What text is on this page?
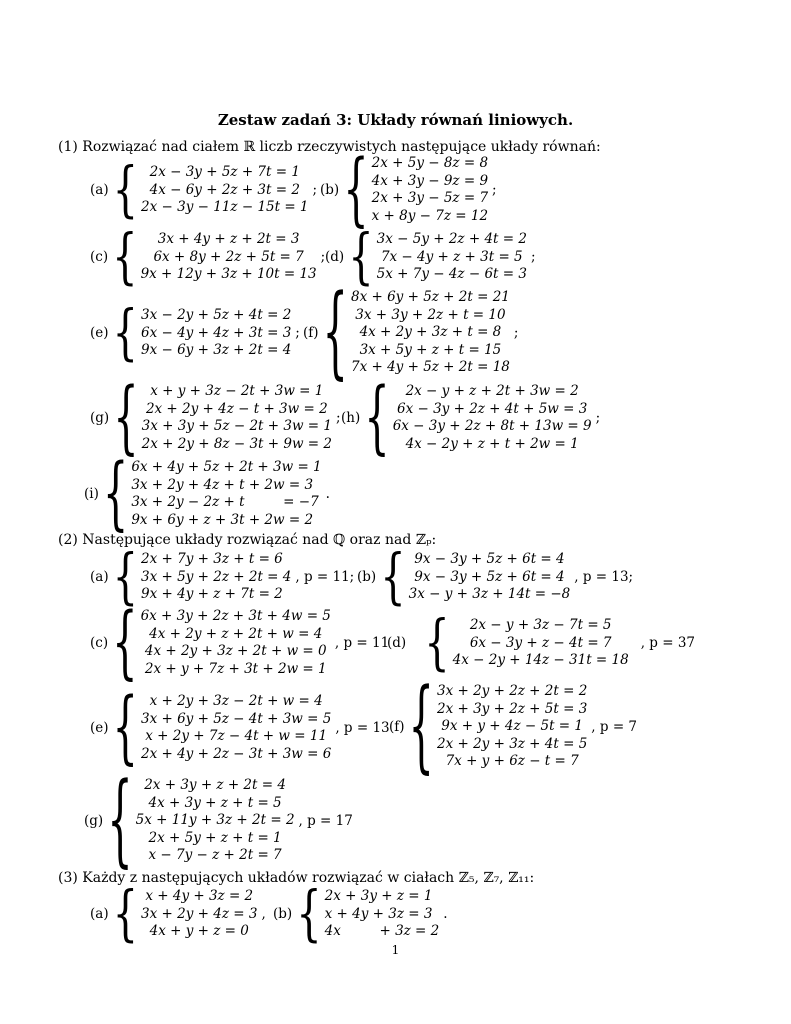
Zestaw zadań 3: Układy równań liniowych.
(1) Rozwiązać nad ciałem ℝ liczb rzeczywistych następujące układy równań:
(a) { 2x − 3y + 5z + 7t = 1
4x − 6y + 2z + 3t = 2
2x − 3y − 11z − 15t = 1
; (b) { 2x + 5y − 8z = 8
4x + 3y − 9z = 9
2x + 3y − 5z = 7
x + 8y − 7z = 12
;
(c) {	3x + 4y + z + 2t = 3
6x + 8y + 2z + 5t = 7
9x + 12y + 3z + 10t = 13
; (d) { 3x − 5y + 2z + 4t = 2
7x − 4y + z + 3t = 5
5x + 7y − 4z − 6t = 3
;
(e) { 3x − 2y + 5z + 4t = 2
6x − 4y + 4z + 3t = 3
9x − 6y + 3z + 2t = 4
; (f) { 8x + 6y + 5z + 2t = 21
3x + 3y + 2z + t = 10
4x + 2y + 3z + t = 8
3x + 5y + z + t = 15
7x + 4y + 5z + 2t = 18
;
(g) { x + y + 3z − 2t + 3w = 1
2x + 2y + 4z − t + 3w = 2
3x + 3y + 5z − 2t + 3w = 1
2x + 2y + 8z − 3t + 9w = 2
; (h) {	2x − y + z + 2t + 3w = 2
6x − 3y + 2z + 4t + 5w = 3
6x − 3y + 2z + 8t + 13w = 9
4x − 2y + z + t + 2w = 1
;
(i) { 6x + 4y + 5z + 2t + 3w = 1
3x + 2y + 4z + t + 2w = 3
3x + 2y − 2z + t         = −7
9x + 6y + z + 3t + 2w = 2
.
(2) Następujące układy rozwiązać nad ℚ oraz nad ℤₚ:
(a) { 2x + 7y + 3z + t = 6
3x + 5y + 2z + 2t = 4
9x + 4y + z + 7t = 2
, p = 11; (b) { 9x − 3y + 5z + 6t = 4
9x − 3y + 5z + 6t = 4
3x − y + 3z + 14t = −8
, p = 13;
(c) { 6x + 3y + 2z + 3t + 4w = 5
4x + 2y + z + 2t + w = 4
4x + 2y + 3z + 2t + w = 0
2x + y + 7z + 3t + 2w = 1
, p = 11
(d) {	2x − y + 3z − 7t = 5
6x − 3y + z − 4t = 7
4x − 2y + 14z − 31t = 18
, p = 37
(e) { x + 2y + 3z − 2t + w = 4
3x + 6y + 5z − 4t + 3w = 5
x + 2y + 7z − 4t + w = 11
2x + 4y + 2z − 3t + 3w = 6
, p = 13 (f) { 3x + 2y + 2z + 2t = 2
2x + 3y + 2z + 5t = 3
9x + y + 4z − 5t = 1
2x + 2y + 3z + 4t = 5
7x + y + 6z − t = 7
, p = 7
(g) { 2x + 3y + z + 2t = 4
4x + 3y + z + t = 5
5x + 11y + 3z + 2t = 2
2x + 5y + z + t = 1
x − 7y − z + 2t = 7
, p = 17
(3) Każdy z następujących układów rozwiązać w ciałach ℤ₅, ℤ₇, ℤ₁₁:
(a) { x + 4y + 3z = 2
3x + 2y + 4z = 3
4x + y + z = 0
, (b) { 2x + 3y + z = 1
x + 4y + 3z = 3
4x         + 3z = 2
.
1
